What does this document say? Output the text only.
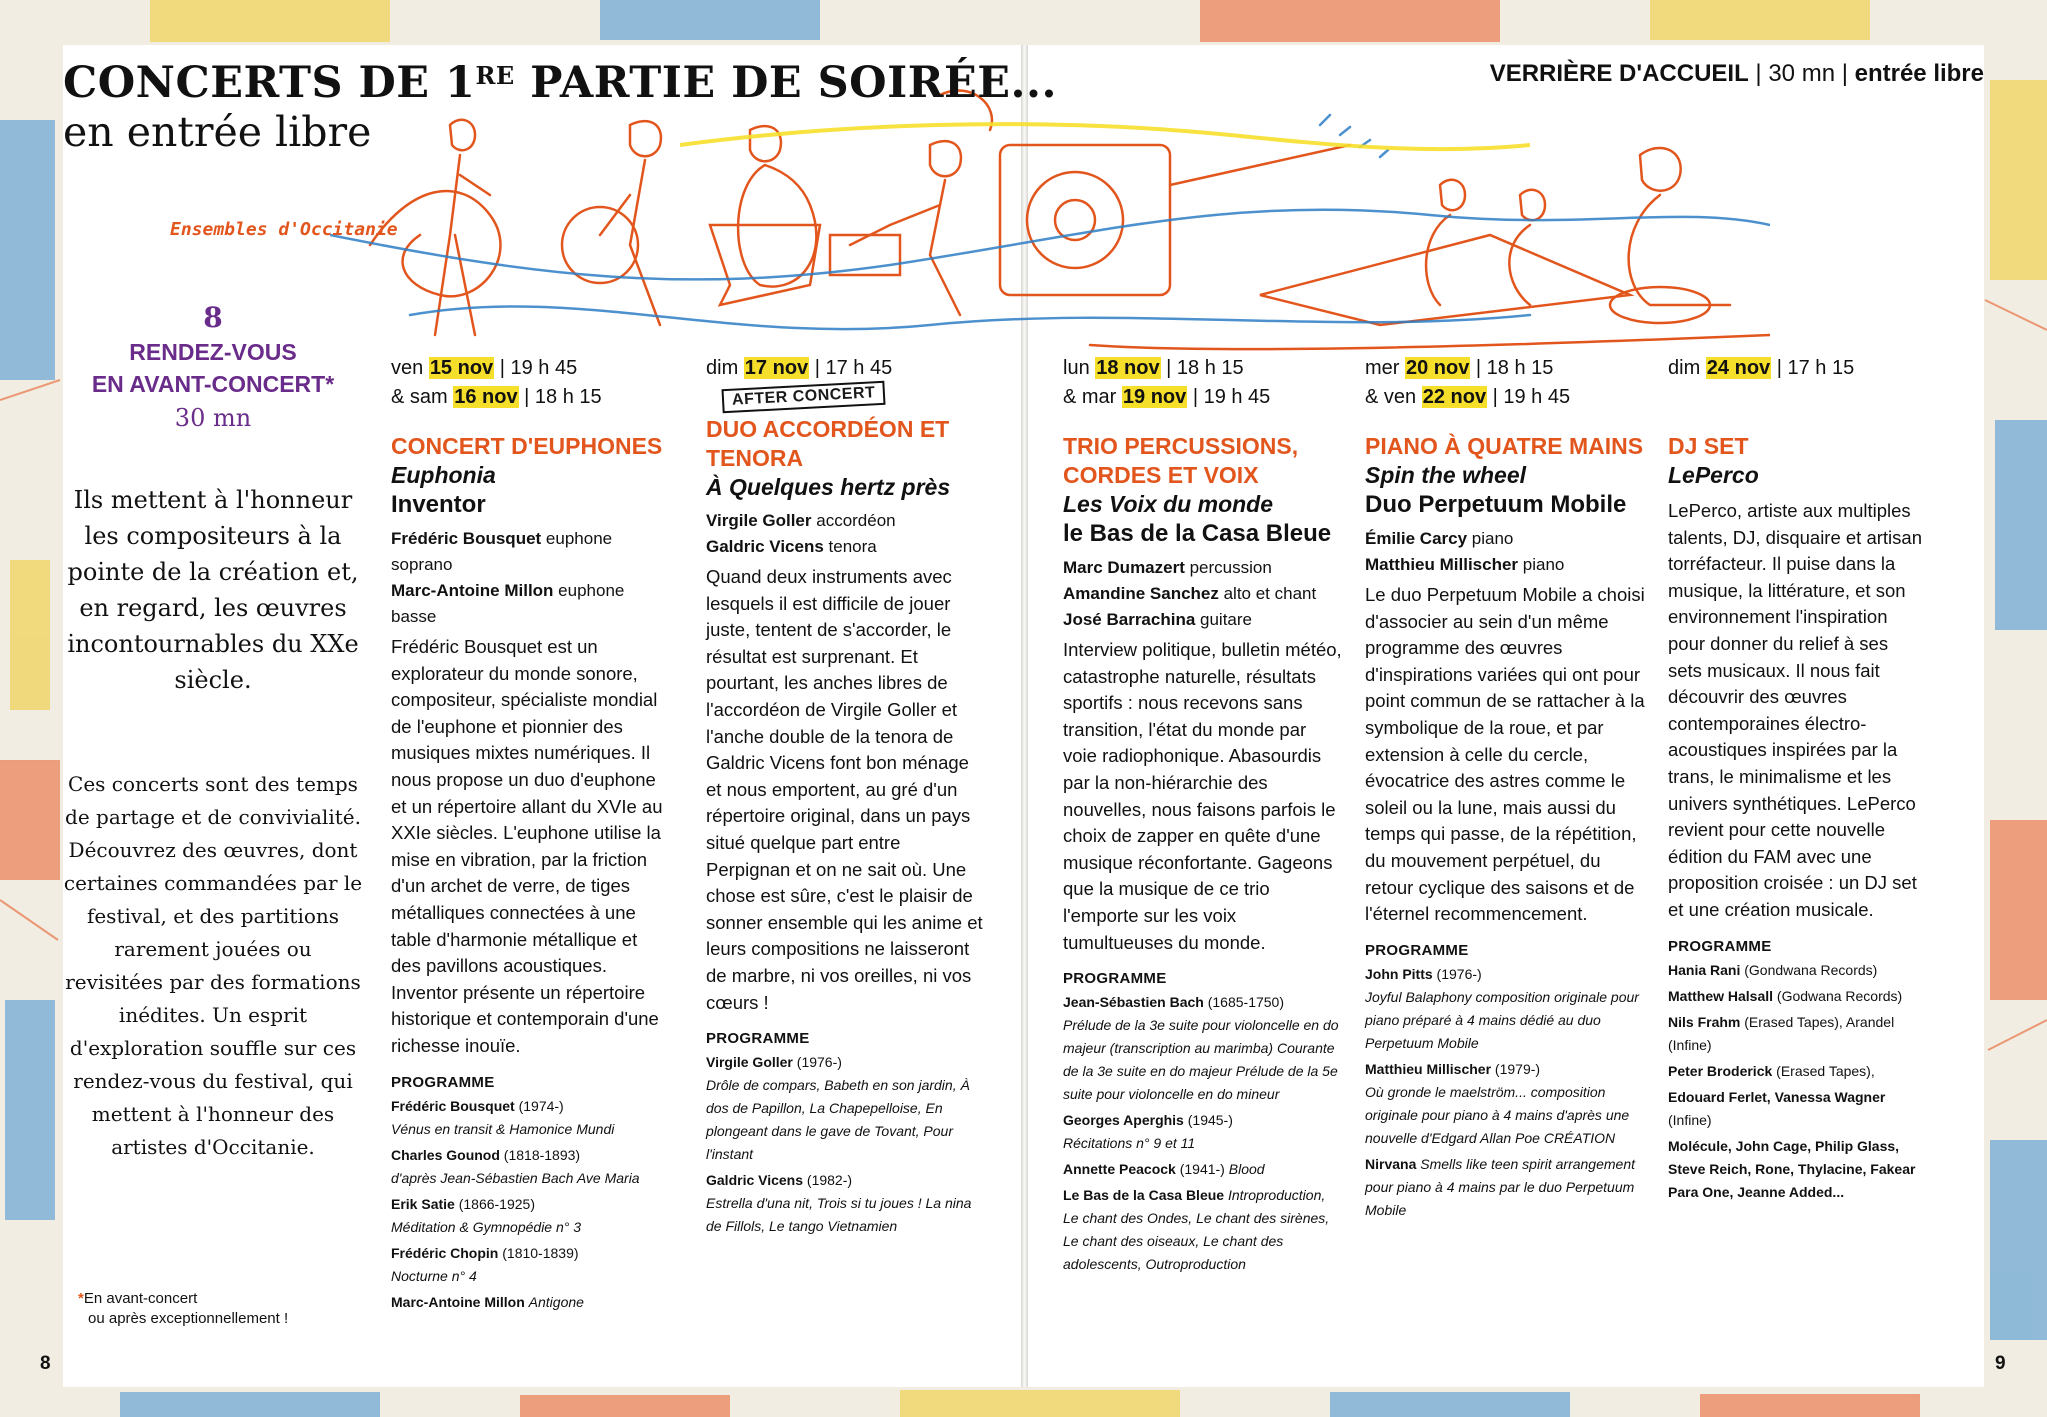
CONCERTS DE 1RE PARTIE DE SOIRÉE...
en entrée libre
VERRIÈRE D'ACCUEIL | 30 mn | entrée libre
Ensembles d'Occitanie
8
RENDEZ-VOUS
EN AVANT-CONCERT*
30 mn
Ils mettent à l'honneur les compositeurs à la pointe de la création et, en regard, les œuvres incontournables du XXe siècle.
Ces concerts sont des temps de partage et de convivialité. Découvrez des œuvres, dont certaines commandées par le festival, et des partitions rarement jouées ou revisitées par des formations inédites. Un esprit d'exploration souffle sur ces rendez-vous du festival, qui mettent à l'honneur des artistes d'Occitanie.
*En avant-concert
ou après exceptionnellement !
8	9
ven 15 nov | 19 h 45
& sam 16 nov | 18 h 15
CONCERT D'EUPHONES
Euphonia
Inventor
Frédéric Bousquet euphone soprano
Marc-Antoine Millon euphone basse
Frédéric Bousquet est un explorateur du monde sonore, compositeur, spécialiste mondial de l'euphone et pionnier des musiques mixtes numériques. Il nous propose un duo d'euphone et un répertoire allant du XVIe au XXIe siècles. L'euphone utilise la mise en vibration, par la friction d'un archet de verre, de tiges métalliques connectées à une table d'harmonie métallique et des pavillons acoustiques. Inventor présente un répertoire historique et contemporain d'une richesse inouïe.
PROGRAMME
Frédéric Bousquet (1974-)
Vénus en transit & Hamonice Mundi
Charles Gounod (1818-1893)
d'après Jean-Sébastien Bach Ave Maria
Erik Satie (1866-1925)
Méditation & Gymnopédie n° 3
Frédéric Chopin (1810-1839)
Nocturne n° 4
Marc-Antoine Millon Antigone
dim 17 nov | 17 h 45
AFTER CONCERT
DUO ACCORDÉON ET TENORA
À Quelques hertz près
Virgile Goller accordéon
Galdric Vicens tenora
Quand deux instruments avec lesquels il est difficile de jouer juste, tentent de s'accorder, le résultat est surprenant. Et pourtant, les anches libres de l'accordéon de Virgile Goller et l'anche double de la tenora de Galdric Vicens font bon ménage et nous emportent, au gré d'un répertoire original, dans un pays situé quelque part entre Perpignan et on ne sait où. Une chose est sûre, c'est le plaisir de sonner ensemble qui les anime et leurs compositions ne laisseront de marbre, ni vos oreilles, ni vos cœurs !
PROGRAMME
Virgile Goller (1976-)
Drôle de compars, Babeth en son jardin, À dos de Papillon, La Chapepelloise, En plongeant dans le gave de Tovant, Pour l'instant
Galdric Vicens (1982-)
Estrella d'una nit, Trois si tu joues ! La nina de Fillols, Le tango Vietnamien
lun 18 nov | 18 h 15
& mar 19 nov | 19 h 45
TRIO PERCUSSIONS, CORDES ET VOIX
Les Voix du monde
le Bas de la Casa Bleue
Marc Dumazert percussion
Amandine Sanchez alto et chant
José Barrachina guitare
Interview politique, bulletin météo, catastrophe naturelle, résultats sportifs : nous recevons sans transition, l'état du monde par voie radiophonique. Abasourdis par la non-hiérarchie des nouvelles, nous faisons parfois le choix de zapper en quête d'une musique réconfortante. Gageons que la musique de ce trio l'emporte sur les voix tumultueuses du monde.
PROGRAMME
Jean-Sébastien Bach (1685-1750)
Prélude de la 3e suite pour violoncelle en do majeur (transcription au marimba) Courante de la 3e suite en do majeur Prélude de la 5e suite pour violoncelle en do mineur
Georges Aperghis (1945-)
Récitations n° 9 et 11
Annette Peacock (1941-) Blood
Le Bas de la Casa Bleue Introproduction, Le chant des Ondes, Le chant des sirènes, Le chant des oiseaux, Le chant des adolescents, Outroproduction
mer 20 nov | 18 h 15
& ven 22 nov | 19 h 45
PIANO À QUATRE MAINS
Spin the wheel
Duo Perpetuum Mobile
Émilie Carcy piano
Matthieu Millischer piano
Le duo Perpetuum Mobile a choisi d'associer au sein d'un même programme des œuvres d'inspirations variées qui ont pour point commun de se rattacher à la symbolique de la roue, et par extension à celle du cercle, évocatrice des astres comme le soleil ou la lune, mais aussi du temps qui passe, de la répétition, du mouvement perpétuel, du retour cyclique des saisons et de l'éternel recommencement.
PROGRAMME
John Pitts (1976-)
Joyful Balaphony composition originale pour piano préparé à 4 mains dédié au duo Perpetuum Mobile
Matthieu Millischer (1979-)
Où gronde le maelström... composition originale pour piano à 4 mains d'après une nouvelle d'Edgard Allan Poe CRÉATION
Nirvana Smells like teen spirit arrangement pour piano à 4 mains par le duo Perpetuum Mobile
dim 24 nov | 17 h 15
DJ SET
LePerco
LePerco, artiste aux multiples talents, DJ, disquaire et artisan torréfacteur. Il puise dans la musique, la littérature, et son environnement l'inspiration pour donner du relief à ses sets musicaux. Il nous fait découvrir des œuvres contemporaines électro-acoustiques inspirées par la trans, le minimalisme et les univers synthétiques. LePerco revient pour cette nouvelle édition du FAM avec une proposition croisée : un DJ set et une création musicale.
PROGRAMME
Hania Rani (Gondwana Records)
Matthew Halsall (Godwana Records)
Nils Frahm (Erased Tapes), Arandel (Infine)
Peter Broderick (Erased Tapes),
Edouard Ferlet, Vanessa Wagner (Infine)
Molécule, John Cage, Philip Glass, Steve Reich, Rone, Thylacine, Fakear Para One, Jeanne Added...
